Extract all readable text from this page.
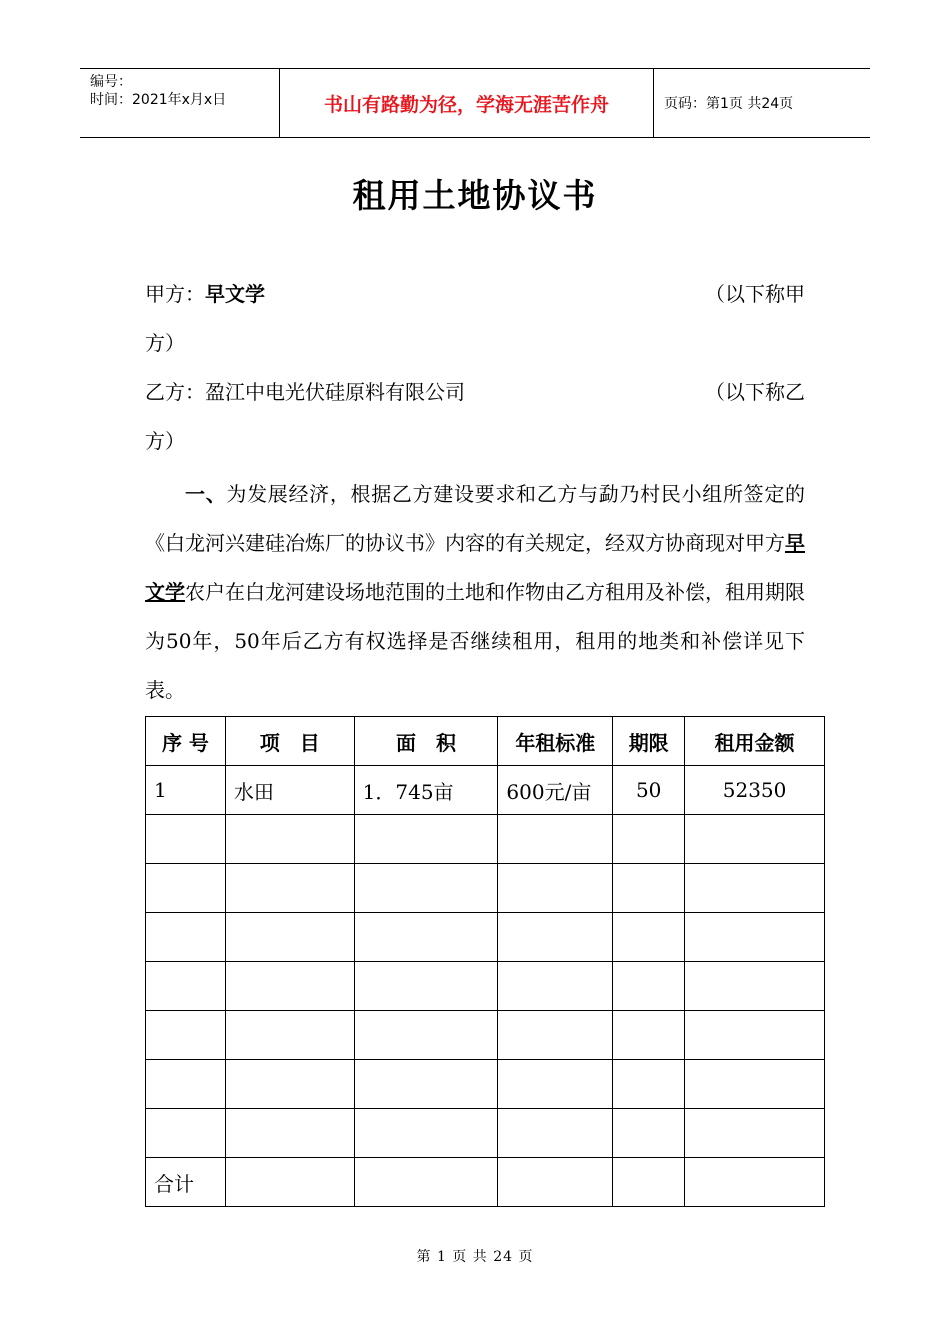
编号：
时间：2021年x月x日	书山有路勤为径，学海无涯苦作舟	页码：第1页 共24页
租用土地协议书
甲方：早文学	（以下称甲
方）
乙方：盈江中电光伏硅原料有限公司	（以下称乙
方）
一、为发展经济，根据乙方建设要求和乙方与勐乃村民小组所签定的《白龙河兴建硅冶炼厂的协议书》内容的有关规定，经双方协商现对甲方早文学农户在白龙河建设场地范围的土地和作物由乙方租用及补偿，租用期限为50年，50年后乙方有权选择是否继续租用，租用的地类和补偿详见下表。
序 号	项　目	面　积	年租标准	期限	租用金额
1	水田	1．745亩	600元/亩	50	52350

合计					
第 1 页 共 24 页
